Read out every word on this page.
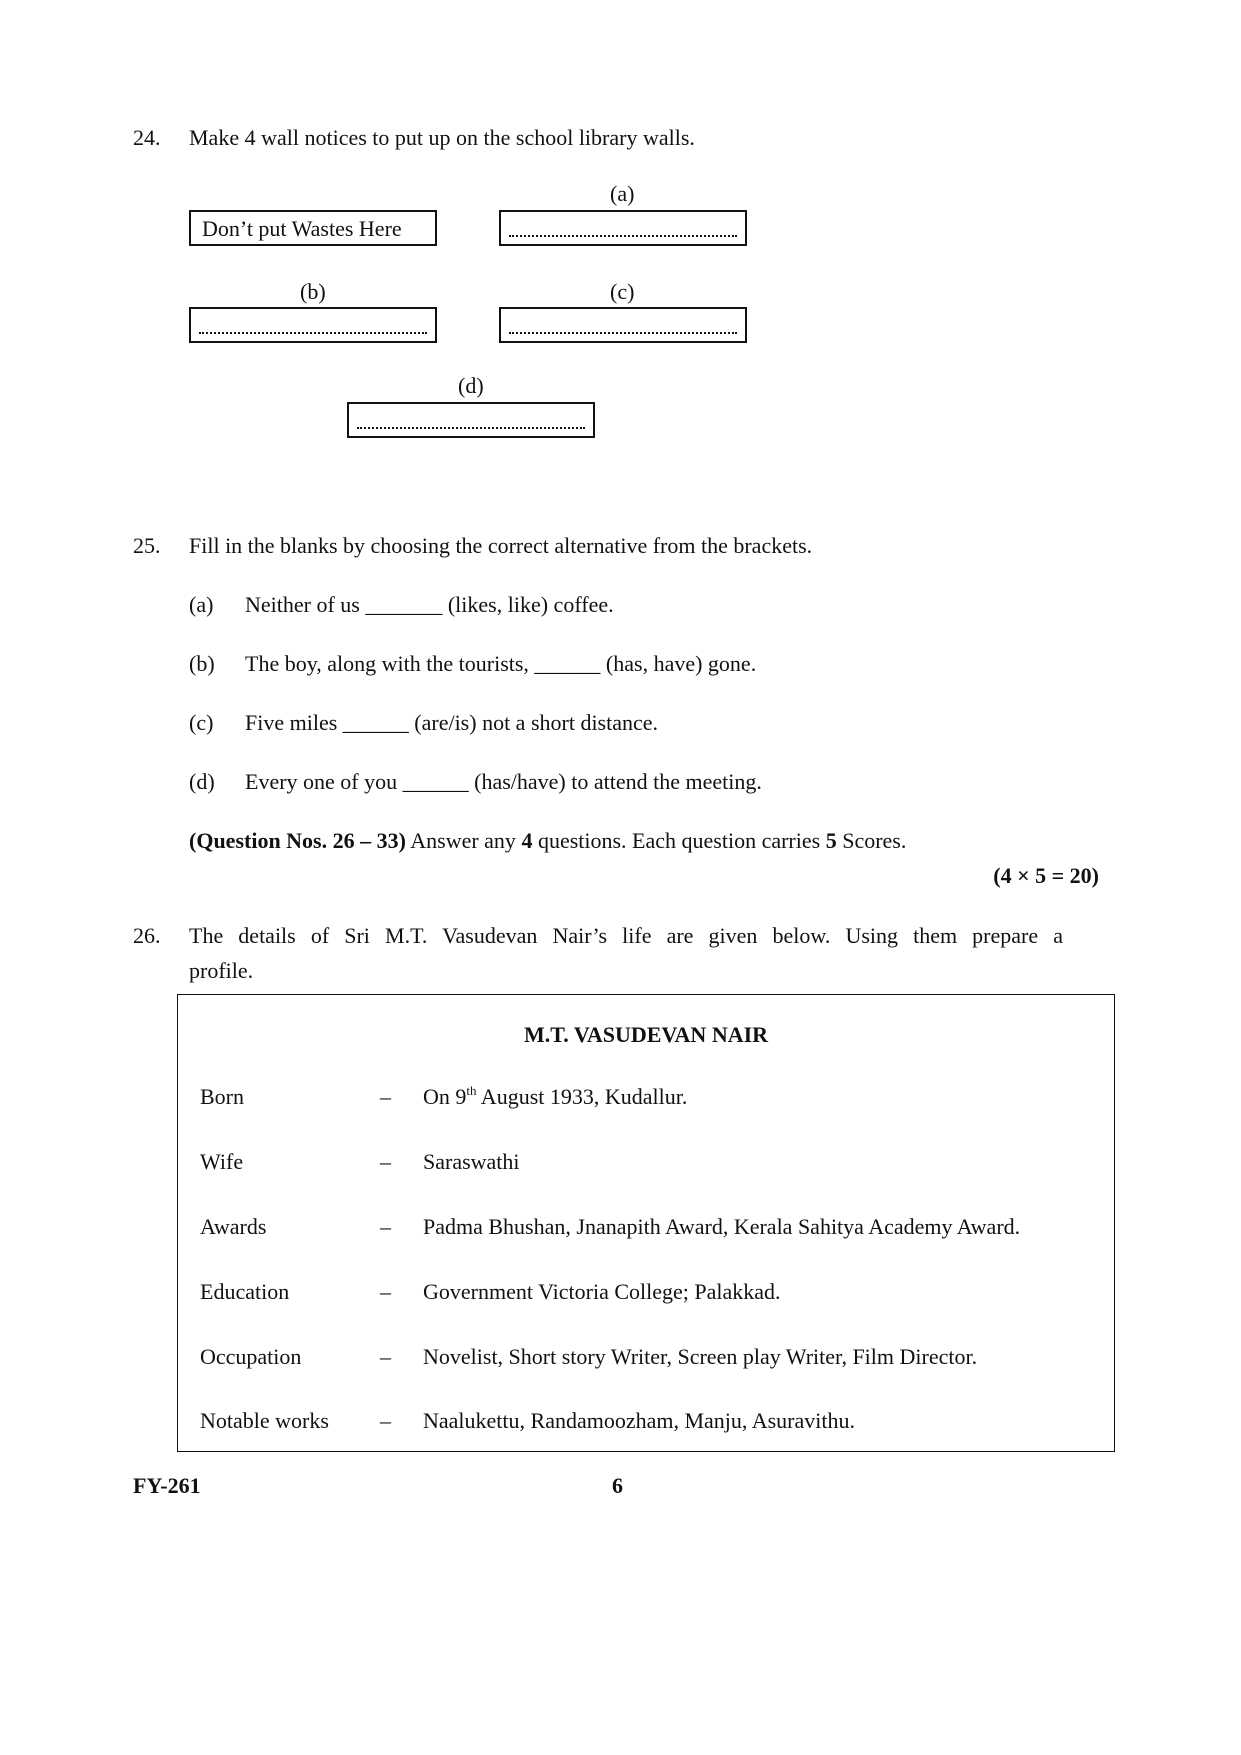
24. Make 4 wall notices to put up on the school library walls.
(a)
Don’t put Wastes Here
(b)	(c)
(d)
25. Fill in the blanks by choosing the correct alternative from the brackets.
(a) Neither of us _______ (likes, like) coffee.
(b) The boy, along with the tourists, ______ (has, have) gone.
(c) Five miles ______ (are/is) not a short distance.
(d) Every one of you ______ (has/have) to attend the meeting.
(Question Nos. 26 – 33) Answer any 4 questions. Each question carries 5 Scores.
(4 × 5 = 20)
26. The details of Sri M.T. Vasudevan Nair’s life are given below. Using them prepare a
profile.
M.T. VASUDEVAN NAIR
Born	– On 9th August 1933, Kudallur.
Wife	– Saraswathi
Awards	– Padma Bhushan, Jnanapith Award, Kerala Sahitya Academy Award.
Education	– Government Victoria College; Palakkad.
Occupation	– Novelist, Short story Writer, Screen play Writer, Film Director.
Notable works – Naalukettu, Randamoozham, Manju, Asuravithu.
FY-261	6
